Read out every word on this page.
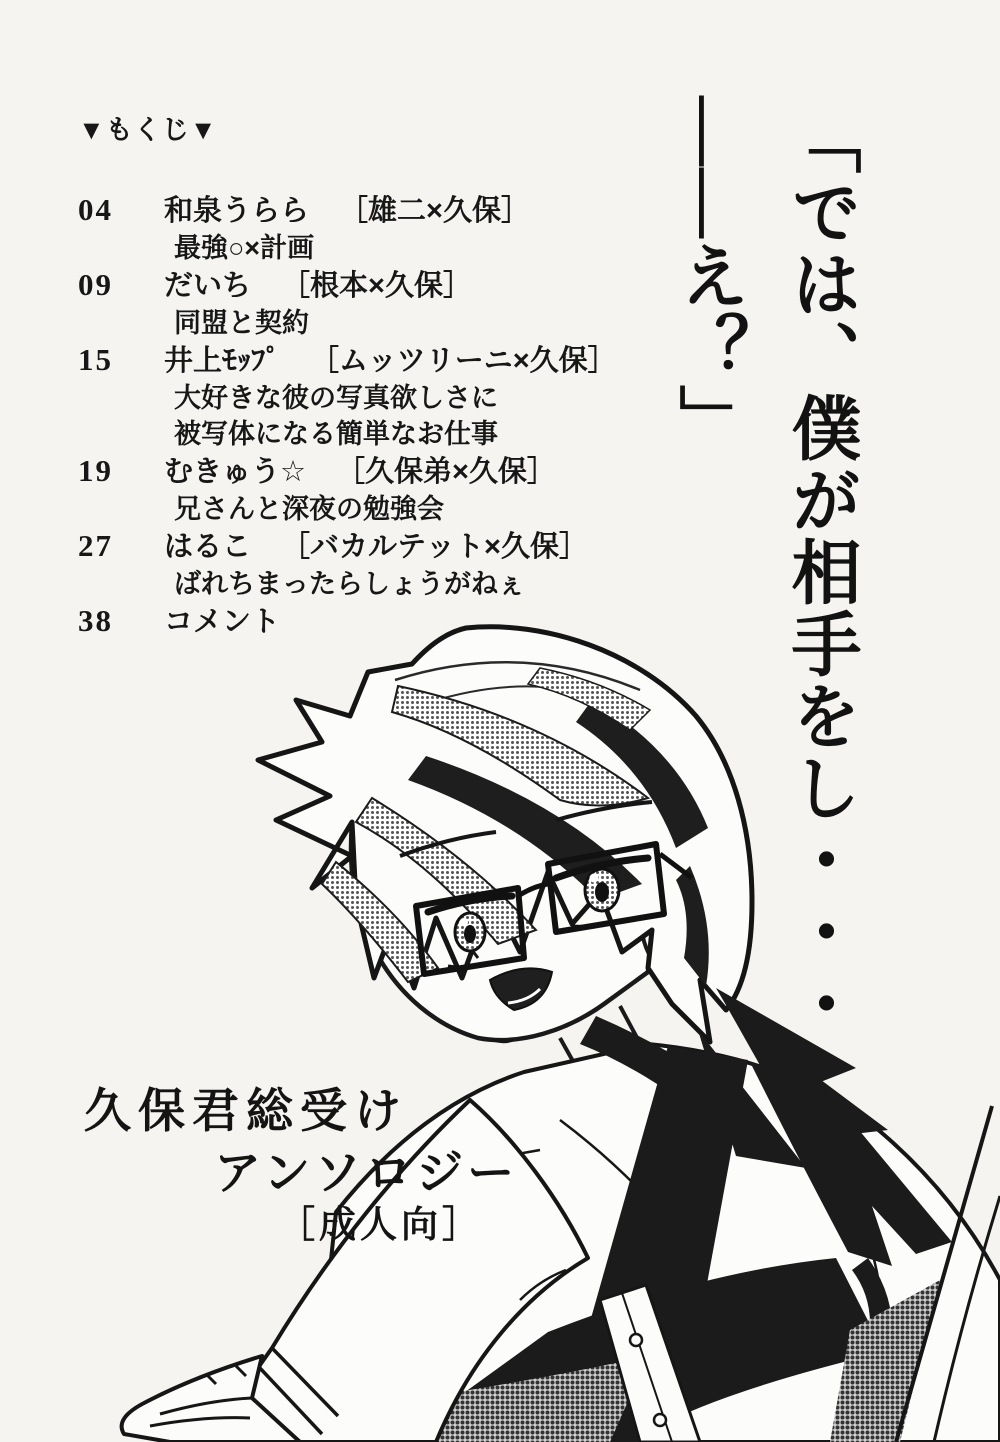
▼もくじ▼
04	和泉うらら ［雄二×久保］
最強○×計画
09	だいち ［根本×久保］
同盟と契約
15	井上ﾓｯﾌﾟ ［ムッツリーニ×久保］
大好きな彼の写真欲しさに
被写体になる簡単なお仕事
19	むきゅう☆ ［久保弟×久保］
兄さんと深夜の勉強会
27	はるこ ［バカルテット×久保］
ばれちまったらしょうがねぇ
38	コメント	「では、僕が相手をし・・・
——え？」
久保君総受け
アンソロジー
［成人向］
